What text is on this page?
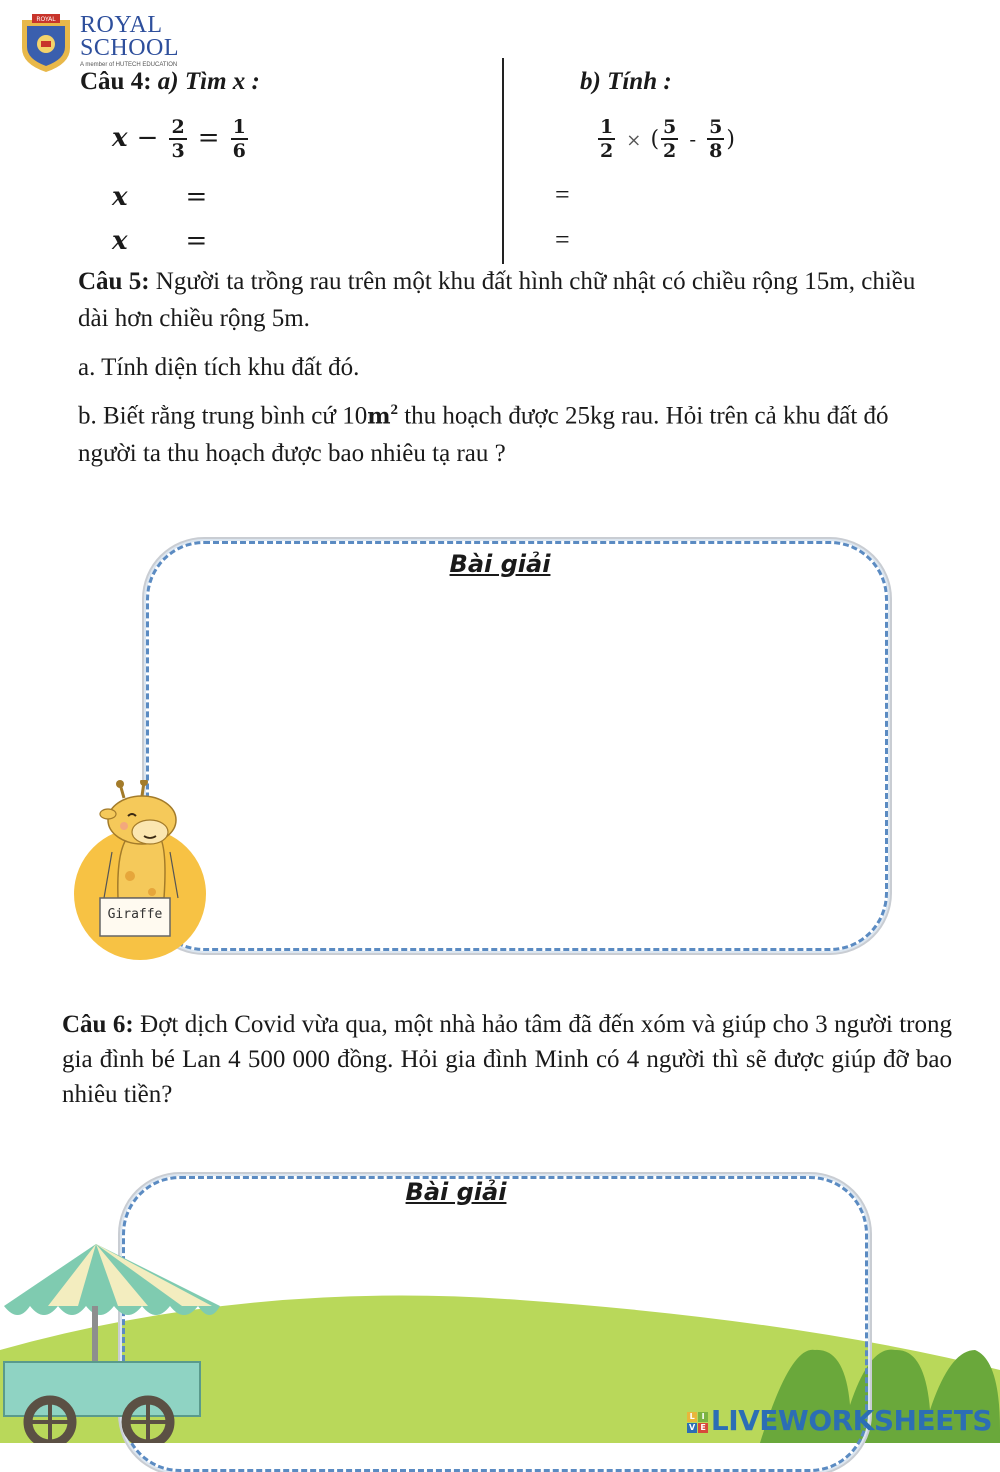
ROYAL ROYAL
SCHOOL
A member of HUTECH EDUCATION
Câu 4: a) Tìm x :	b) Tính :
$x - \frac{2}{3} = \frac{1}{6}$
x =
x =
$\frac{1}{2}$ × ( $\frac{5}{2} - \frac{5}{8}$ )
=
=
Câu 5: Người ta trồng rau trên một khu đất hình chữ nhật có chiều rộng 15m, chiều dài hơn chiều rộng 5m.
a. Tính diện tích khu đất đó.
b. Biết rằng trung bình cứ $10m^2$ thu hoạch được 25kg rau. Hỏi trên cả khu đất đó người ta thu hoạch được bao nhiêu tạ rau ?
Bài giải
Giraffe
Câu 6: Đợt dịch Covid vừa qua, một nhà hảo tâm đã đến xóm và giúp cho 3 người trong gia đình bé Lan 4 500 000 đồng. Hỏi gia đình Minh có 4 người thì sẽ được giúp đỡ bao nhiêu tiền?
Bài giải
L I
V E LIVEWORKSHEETS
